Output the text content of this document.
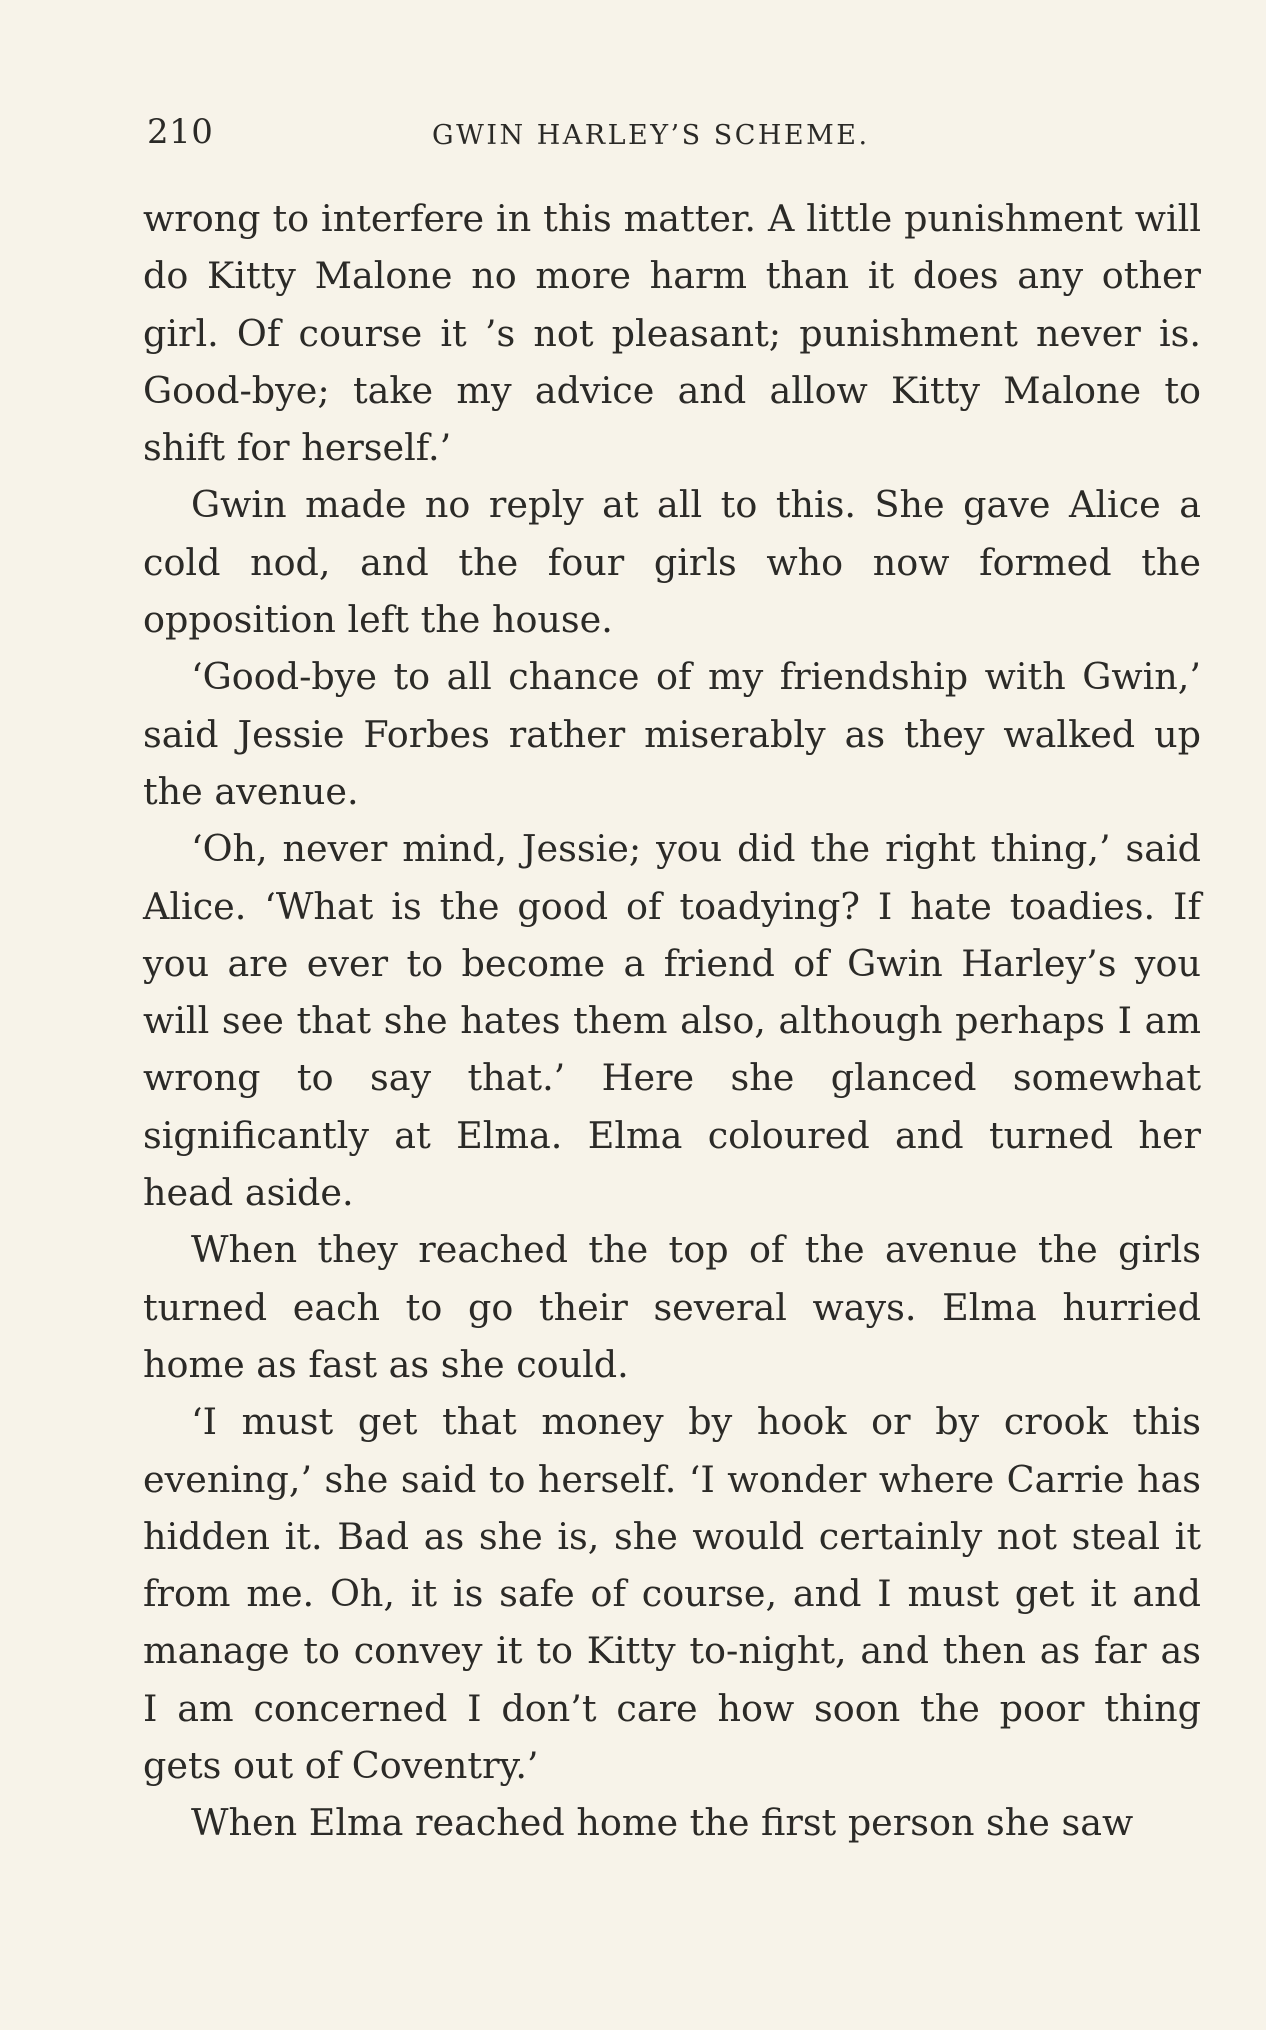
210	GWIN HARLEY’S SCHEME.

wrong to interfere in this matter. A little punishment will do Kitty Malone no more harm than it does any other girl. Of course it ’s not pleasant; punishment never is. Good-bye; take my advice and allow Kitty Malone to shift for herself.’

Gwin made no reply at all to this. She gave Alice a cold nod, and the four girls who now formed the opposition left the house.

‘Good-bye to all chance of my friendship with Gwin,’ said Jessie Forbes rather miserably as they walked up the avenue.

‘Oh, never mind, Jessie; you did the right thing,’ said Alice. ‘What is the good of toadying? I hate toadies. If you are ever to become a friend of Gwin Harley’s you will see that she hates them also, although perhaps I am wrong to say that.’ Here she glanced somewhat significantly at Elma. Elma coloured and turned her head aside.

When they reached the top of the avenue the girls turned each to go their several ways. Elma hurried home as fast as she could.

‘I must get that money by hook or by crook this evening,’ she said to herself. ‘I wonder where Carrie has hidden it. Bad as she is, she would certainly not steal it from me. Oh, it is safe of course, and I must get it and manage to convey it to Kitty to-night, and then as far as I am concerned I don’t care how soon the poor thing gets out of Coventry.’

When Elma reached home the first person she saw
